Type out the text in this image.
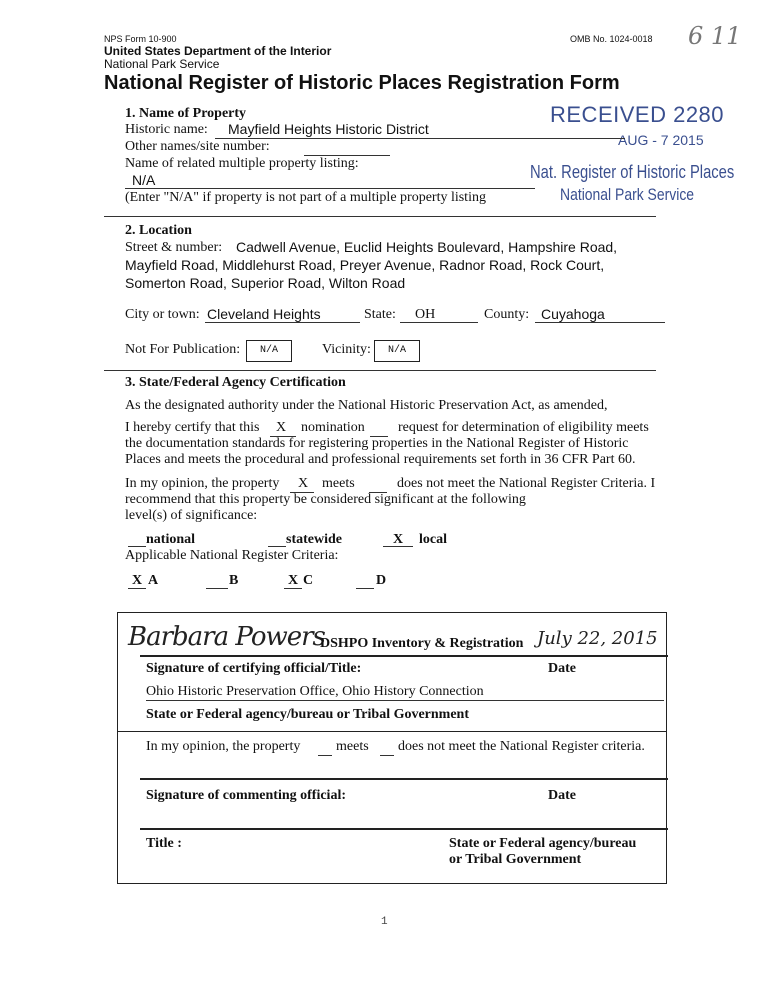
NPS Form 10-900	OMB No. 1024-0018
United States Department of the Interior
National Park Service
National Register of Historic Places Registration Form
6 11
RECEIVED 2280
AUG - 7 2015
Nat. Register of Historic Places
National Park Service
1. Name of Property
Historic name: Mayfield Heights Historic District
Other names/site number:
Name of related multiple property listing:
N/A
(Enter "N/A" if property is not part of a multiple property listing
2. Location
Street & number: Cadwell Avenue, Euclid Heights Boulevard, Hampshire Road,
Mayfield Road, Middlehurst Road, Preyer Avenue, Radnor Road, Rock Court,
Somerton Road, Superior Road, Wilton Road
City or town: Cleveland Heights	State: OH	County: Cuyahoga
Not For Publication:	N/A	Vicinity:	N/A
3. State/Federal Agency Certification
As the designated authority under the National Historic Preservation Act, as amended,
I hereby certify that this X nomination request for determination of eligibility meets
the documentation standards for registering properties in the National Register of Historic
Places and meets the procedural and professional requirements set forth in 36 CFR Part 60.
In my opinion, the property X meets	does not meet the National Register Criteria. I
recommend that this property be considered significant at the following
level(s) of significance:
national	statewide	X local
Applicable National Register Criteria:
X A	B	X C	D
Barbara Powers
DSHPO Inventory & Registration July 22, 2015
Signature of certifying official/Title:	Date
Ohio Historic Preservation Office, Ohio History Connection
State or Federal agency/bureau or Tribal Government
In my opinion, the property	meets does not meet the National Register criteria.
Signature of commenting official:	Date
Title :	State or Federal agency/bureau
or Tribal Government
1
